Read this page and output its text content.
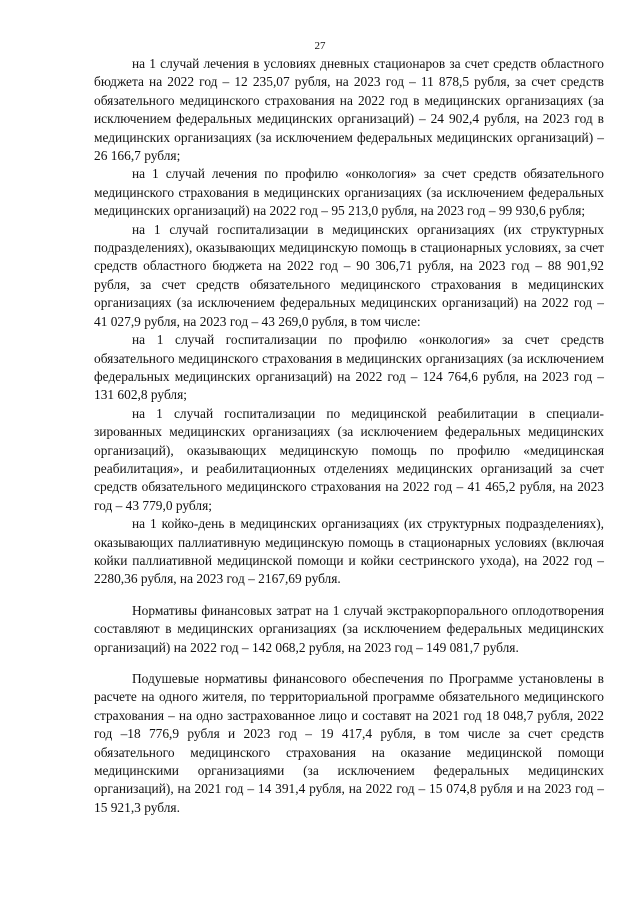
27

на 1 случай лечения в условиях дневных стационаров за счет средств областного бюджета на 2022 год – 12 235,07 рубля, на 2023 год – 11 878,5 рубля, за счет средств обязательного медицинского страхования на 2022 год в медицинских организациях (за исключением федеральных медицинских организаций) – 24 902,4 рубля, на 2023 год в медицинских организациях (за исключением федеральных медицинских организаций) – 26 166,7 рубля;

на 1 случай лечения по профилю «онкология» за счет средств обязательного медицинского страхования в медицинских организациях (за исключением федеральных медицинских организаций) на 2022 год – 95 213,0 рубля, на 2023 год – 99 930,6 рубля;

на 1 случай госпитализации в медицинских организациях (их структурных подразделениях), оказывающих медицинскую помощь в стационарных условиях, за счет средств областного бюджета на 2022 год – 90 306,71 рубля, на 2023 год – 88 901,92 рубля, за счет средств обязательного медицинского страхования в медицинских организациях (за исключением федеральных медицинских организаций) на 2022 год – 41 027,9 рубля, на 2023 год – 43 269,0 рубля, в том числе:

на 1 случай госпитализации по профилю «онкология» за счет средств обязательного медицинского страхования в медицинских организациях (за исключением федеральных медицинских организаций) на 2022 год – 124 764,6 рубля, на 2023 год – 131 602,8 рубля;

на 1 случай госпитализации по медицинской реабилитации в специализированных медицинских организациях (за исключением федеральных медицинских организаций), оказывающих медицинскую помощь по профилю «медицинская реабилитация», и реабилитационных отделениях медицинских организаций за счет средств обязательного медицинского страхования на 2022 год – 41 465,2 рубля, на 2023 год – 43 779,0 рубля;

на 1 койко-день в медицинских организациях (их структурных подразделениях), оказывающих паллиативную медицинскую помощь в стационарных условиях (включая койки паллиативной медицинской помощи и койки сестринского ухода), на 2022 год – 2280,36 рубля, на 2023 год – 2167,69 рубля.

Нормативы финансовых затрат на 1 случай экстракорпорального оплодотворения составляют в медицинских организациях (за исключением федеральных медицинских организаций) на 2022 год – 142 068,2 рубля, на 2023 год – 149 081,7 рубля.

Подушевые нормативы финансового обеспечения по Программе установлены в расчете на одного жителя, по территориальной программе обязательного медицинского страхования – на одно застрахованное лицо и составят на 2021 год 18 048,7 рубля, 2022 год –18 776,9 рубля и 2023 год – 19 417,4 рубля, в том числе за счет средств обязательного медицинского страхования на оказание медицинской помощи медицинскими организациями (за исключением федеральных медицинских организаций), на 2021 год – 14 391,4 рубля, на 2022 год – 15 074,8 рубля и на 2023 год – 15 921,3 рубля.
